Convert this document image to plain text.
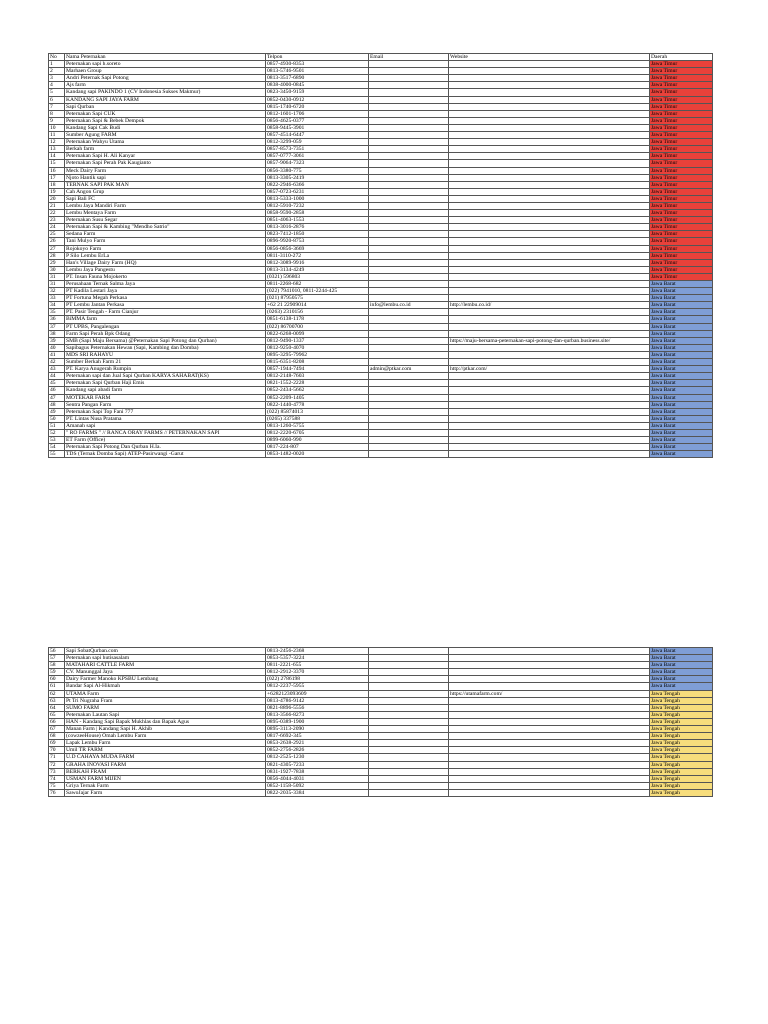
No	Nama Peternakan	Telpon	Email	Website	Daerah
1	Peternakan sapi h.soreto	0857-4930-8353			Jawa Timur
2	Marhaen Group	0813-5746-9501			Jawa Timur
3	Andri Peternak Sapi Potong	0813-3517-6890			Jawa Timur
4	Ajs farm	0838-4000-0845			Jawa Timur
5	Kandang sapi PAKINDO 1 (CV Indonesia Sukses Makmur)	0823-3450-9159			Jawa Timur
6	KANDANG SAPI JAYA FARM	0852-0430-0912			Jawa Timur
7	Sapi Qurban	0815-1740-6720			Jawa Timur
8	Peternakan Sapi CUK	0812-1601-1706			Jawa Timur
9	Peternakan Sapi & Bebek Dempok	0856-4625-0377			Jawa Timur
10	Kandang Sapi Cak Budi	0858-9445-3901			Jawa Timur
11	Sumber Agung FARM	0857-4514-6447			Jawa Timur
12	Peternakan Wahyu Utama	0812-3299-059			Jawa Timur
13	Berkah farm	0857-8573-7351			Jawa Timur
14	Peternakan Sapi H. Ali Kanyar	0857-0777-3061			Jawa Timur
15	Peternakan Sapi Perah Pak Kaugianto	0857-9064-7323			Jawa Timur
16	Meck Dairy Farm	0856-3380-775			Jawa Timur
17	Njoto Hantik sapi	0813-3305-2419			Jawa Timur
18	TERNAK SAPI PAK MAN	0822-2946-6366			Jawa Timur
19	Cah Angon Grup	0857-0723-6231			Jawa Timur
20	Sapi Bali FC	0813-5333-1000			Jawa Timur
21	Lembu Jaya Mandiri Farm	0812-5910-7232			Jawa Timur
22	Lembu Mentaya Farm	0858-9590-2858			Jawa Timur
23	Peternakan Susu Segar	0851-4063-1553			Jawa Timur
24	Peternakan Sapi & Kambing "Mendho Satrio"	0813-3016-2876			Jawa Timur
25	Sedana Farm	0823-7412-1850			Jawa Timur
26	Tani Mulyo Farm	0896-9920-8753			Jawa Timur
27	Rojokoyo Farm	0856-0856-3669			Jawa Timur
28	P Silo Lembu ErLa	0811-3110-272			Jawa Timur
29	Han's Village Dairy Farm (HQ)	0812-3089-9916			Jawa Timur
30	Lembu Jaya Pangestu	0813-3134-4249			Jawa Timur
31	PT. Insan Fauna Mojokerto	(0321) 596803			Jawa Timur
31	Perusahaan Ternak Salma Jaya	0811-2268-682			Jawa Barat
32	PT Kadila Lestari Jaya	(022) 7941010, 0811-2244-425			Jawa Barat
33	PT Fortuna Megah Perkasa	(021) 87950575			Jawa Barat
34	PT Lembu Jantan Perkasa	+62 21 22909014	info@lembu.co.id	http://lembu.co.id/	Jawa Barat
35	PT. Pasir Tengah - Farm Cianjur	(0263) 2310156			Jawa Barat
36	BiMMA farm	0851-6138-1178			Jawa Barat
37	PT UPBS, Pangalengan	(022) 86700700			Jawa Barat
38	Farm Sapi Perah Bpk Odang	0822-6268-0099			Jawa Barat
39	SMB (Sapi Maju Bersama) @Peternakan Sapi Potong dan Qurban)	0812-9490-1337		https://maju-bersama-peternakan-sapi-potong-dan-qurban.business.site/	Jawa Barat
40	Sapibagus Peternakan Hewan (Sapi, Kambing dan Domba)	0812-9250-4070			Jawa Barat
41	MDS SRI RAHAYU	0895-3295-79962			Jawa Barat
42	Sumber Berkah Farm 21	0815-6351-8208			Jawa Barat
43	PT. Karya Anugerah Rumpin	0857-1944-7494	admin@ptkar.com	http://ptkar.com/	Jawa Barat
44	Peternakan sapi dan Jual Sapi Qurban KARYA SAHABAT(KS)	0812-2148-7603			Jawa Barat
45	Peternakan Sapi Qurban Haji Emis	0821-1552-2228			Jawa Barat
46	Kandang sapi abadi farm	0852-2434-5662			Jawa Barat
47	MOTEKAR FARM	0852-2209-1405			Jawa Barat
48	Sentra Pangan Farm	0822-1440-4778			Jawa Barat
49	Peternakan Sapi Top Fani 777	(022) 85874013			Jawa Barat
50	PT. Lintas Nusa Pratama	(0265) 337588			Jawa Barat
51	Amanah sapi	0813-1260-5755			Jawa Barat
52	" RO FARMS " // RANCA ORAY FARMS // PETERNAKAN SAPI	0812-2220-6705			Jawa Barat
53	ET Farm (Office)	0899-6060-990			Jawa Barat
54	Peternakan Sapi Potong Dan Qurban H.Ia.	0817-224-807			Jawa Barat
55	TDS (Ternak Domba Sapi) ATEP-Pasirwangi -Garut	0853-1482-0020			Jawa Barat
56	Sapi SobatQurban.com	0813-2456-2368			Jawa Barat
57	Peternakan sapi hutisasalam	0853-5357-3224			Jawa Barat
58	MATAHARI CATTLE FARM	0811-2221-655			Jawa Barat
59	CV. Manunggal Jaya	0812-2912-3370			Jawa Barat
60	Dairy Farmer Manoko KPSBU Lembang	(022) 2786198			Jawa Barat
61	Bandar Sapi Al-Hikmah	0812-2237-5955			Jawa Barat
62	UTAMA Farm	+6282123093609		https://utamafarm.com/	Jawa Tengah
63	Pt Tri Nugraha Fram	0813-4786-9142			Jawa Tengah
64	SUMO FARM	0821-8896-5556			Jawa Tengah
65	Peternakan Lautan Sapi	0813-3566-8273			Jawa Tengah
66	HAN - Kandang Sapi Bapak Mukhlas dan Bapak Agus	0895-0389-1900			Jawa Tengah
67	Manan Farm | Kandang Sapi H. Akhib	0895-3113-2090			Jawa Tengah
68	(cowzeeHouse) Omah Lembu Farm	0817-6692-345			Jawa Tengah
69	Lapak Lembu Farm	0853-2638-2921			Jawa Tengah
70	Umil TR FARM	0852-2756-2826			Jawa Tengah
71	U.D CAHAYA MUDA FARM	0812-2525-1230			Jawa Tengah
72	GRAHA INOVASI FARM	0821-4305-7233			Jawa Tengah
73	BERKAH FRAM	0831-1927-7838			Jawa Tengah
74	USMAN FARM MIJEN	0856-4044-4031			Jawa Tengah
75	Griya Ternak Farm	0852-1158-5092			Jawa Tengah
76	SawoJajar Farm	0822-2035-3384			Jawa Tengah
